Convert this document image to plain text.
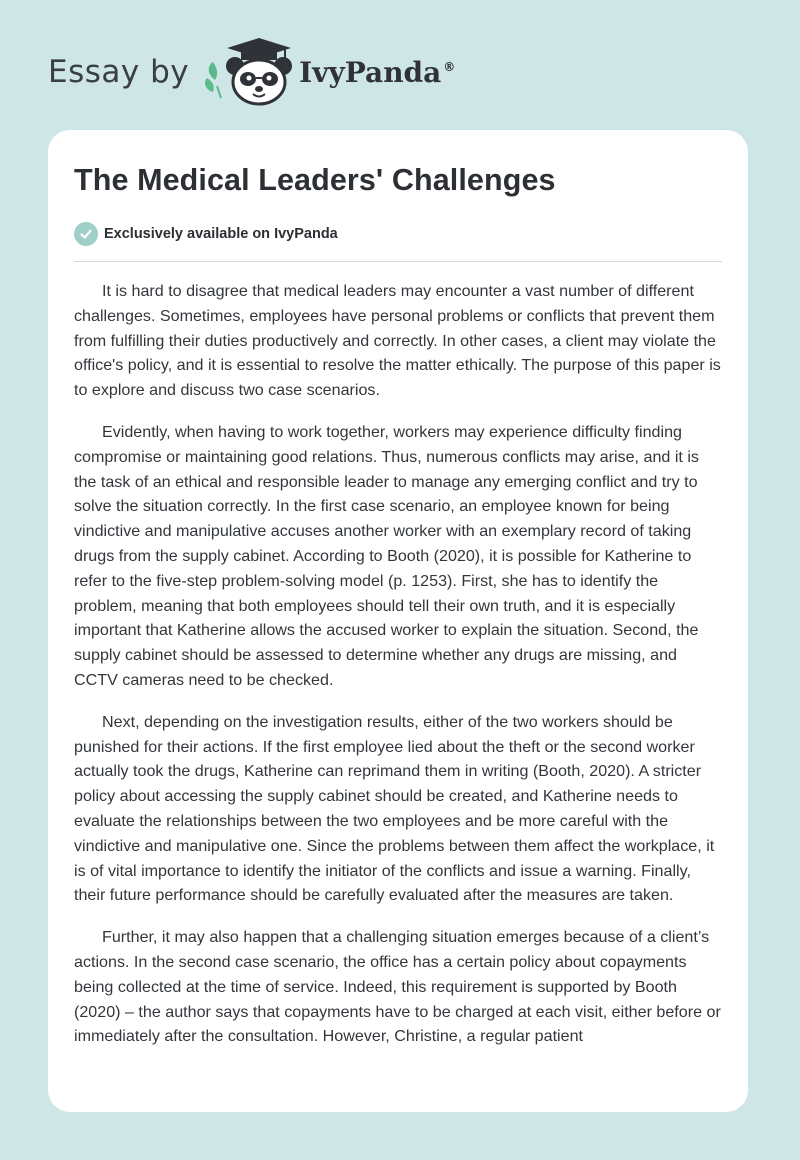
Essay by	IvyPanda ®
The Medical Leaders' Challenges
Exclusively available on IvyPanda

It is hard to disagree that medical leaders may encounter a vast number of different challenges. Sometimes, employees have personal problems or conflicts that prevent them from fulfilling their duties productively and correctly. In other cases, a client may violate the office's policy, and it is essential to resolve the matter ethically. The purpose of this paper is to explore and discuss two case scenarios.

Evidently, when having to work together, workers may experience difficulty finding compromise or maintaining good relations. Thus, numerous conflicts may arise, and it is the task of an ethical and responsible leader to manage any emerging conflict and try to solve the situation correctly. In the first case scenario, an employee known for being vindictive and manipulative accuses another worker with an exemplary record of taking drugs from the supply cabinet. According to Booth (2020), it is possible for Katherine to refer to the five-step problem-solving model (p. 1253). First, she has to identify the problem, meaning that both employees should tell their own truth, and it is especially important that Katherine allows the accused worker to explain the situation. Second, the supply cabinet should be assessed to determine whether any drugs are missing, and CCTV cameras need to be checked.

Next, depending on the investigation results, either of the two workers should be punished for their actions. If the first employee lied about the theft or the second worker actually took the drugs, Katherine can reprimand them in writing (Booth, 2020). A stricter policy about accessing the supply cabinet should be created, and Katherine needs to evaluate the relationships between the two employees and be more careful with the vindictive and manipulative one. Since the problems between them affect the workplace, it is of vital importance to identify the initiator of the conflicts and issue a warning. Finally, their future performance should be carefully evaluated after the measures are taken.

Further, it may also happen that a challenging situation emerges because of a client’s actions. In the second case scenario, the office has a certain policy about copayments being collected at the time of service. Indeed, this requirement is supported by Booth (2020) – the author says that copayments have to be charged at each visit, either before or immediately after the consultation. However, Christine, a regular patient
